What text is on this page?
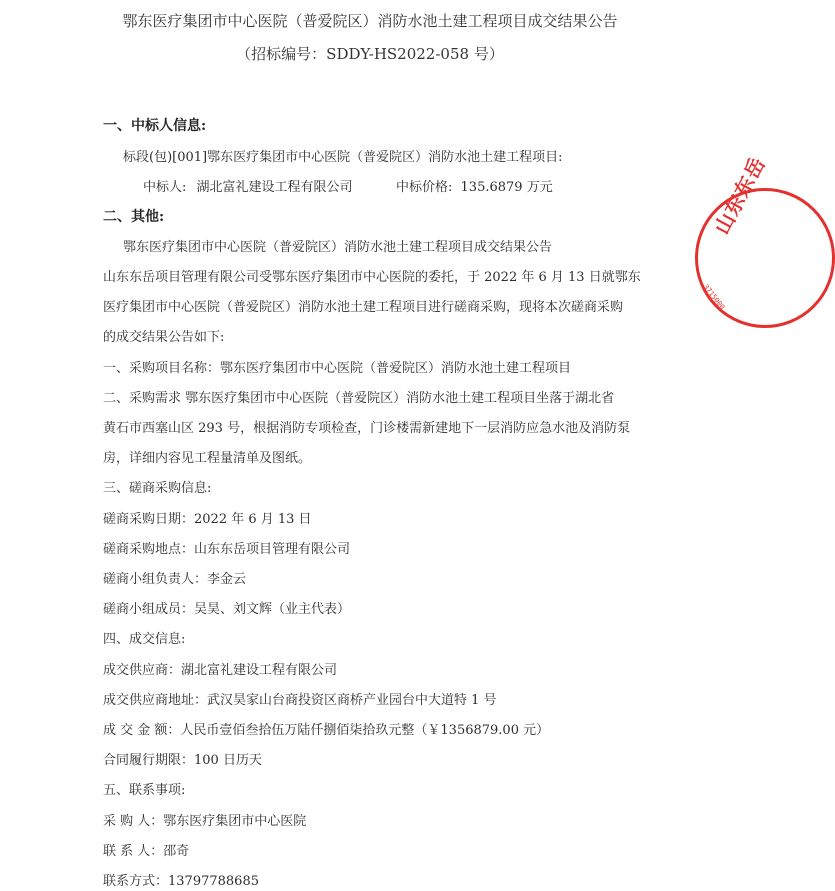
鄂东医疗集团市中心医院（普爱院区）消防水池土建工程项目成交结果公告
（招标编号：SDDY-HS2022-058 号）
一、中标人信息:
标段(包)[001]鄂东医疗集团市中心医院（普爱院区）消防水池土建工程项目:
中标人: 湖北富礼建设工程有限公司	中标价格: 135.6879 万元
二、其他:
鄂东医疗集团市中心医院（普爱院区）消防水池土建工程项目成交结果公告
山东东岳项目管理有限公司受鄂东医疗集团市中心医院的委托，于 2022 年 6 月 13 日就鄂东
医疗集团市中心医院（普爱院区）消防水池土建工程项目进行磋商采购，现将本次磋商采购
的成交结果公告如下:
一、采购项目名称：鄂东医疗集团市中心医院（普爱院区）消防水池土建工程项目
二、采购需求 鄂东医疗集团市中心医院（普爱院区）消防水池土建工程项目坐落于湖北省
黄石市西塞山区 293 号，根据消防专项检查，门诊楼需新建地下一层消防应急水池及消防泵
房，详细内容见工程量清单及图纸。
三、磋商采购信息:
磋商采购日期：2022 年 6 月 13 日
磋商采购地点：山东东岳项目管理有限公司
磋商小组负责人：李金云
磋商小组成员：吴昊、刘文辉（业主代表）
四、成交信息:
成交供应商：湖北富礼建设工程有限公司
成交供应商地址：武汉昊家山台商投资区商桥产业园台中大道特 1 号
成 交 金 额：人民币壹佰叁拾伍万陆仟捌佰柒拾玖元整（￥1356879.00 元）
合同履行期限：100 日历天
五、联系事项:
采 购 人：鄂东医疗集团市中心医院
联 系 人：邵奇
联系方式：13797788685
山东东岳
3715000
